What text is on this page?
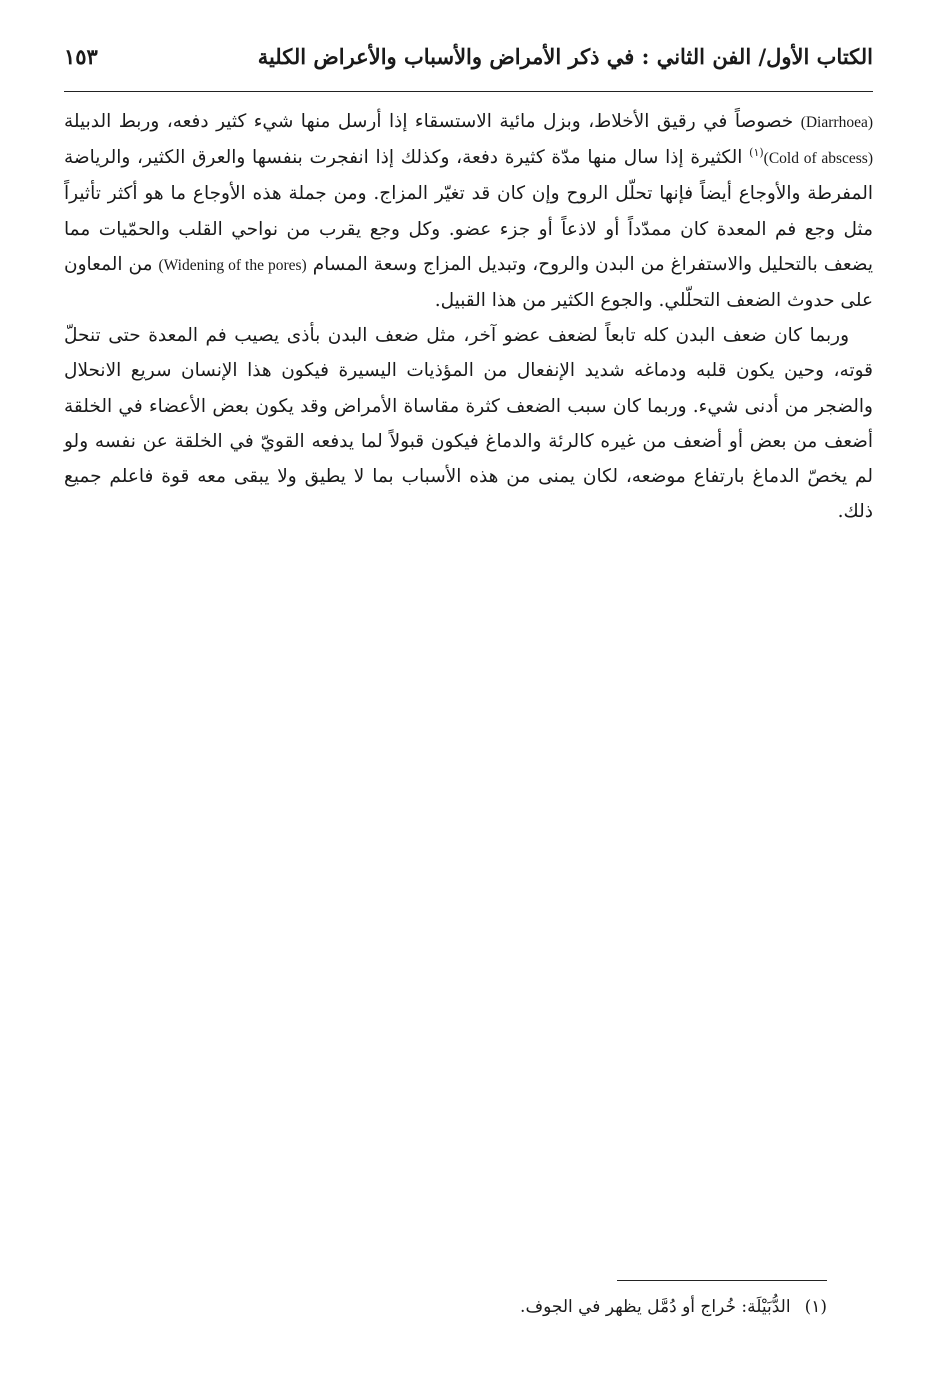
الكتاب الأول/ الفن الثاني : في ذكر الأمراض والأسباب والأعراض الكلية
١٥٣

(Diarrhoea) خصوصاً في رقيق الأخلاط، وبزل مائية الاستسقاء إذا أرسل منها شيء كثير دفعه، وربط الدبيلة (Cold of abscess)$^{(١)}$ الكثيرة إذا سال منها مدّة كثيرة دفعة، وكذلك إذا انفجرت بنفسها والعرق الكثير، والرياضة المفرطة والأوجاع أيضاً فإنها تحلّل الروح وإن كان قد تغيّر المزاج. ومن جملة هذه الأوجاع ما هو أكثر تأثيراً مثل وجع فم المعدة كان ممدّداً أو لاذعاً أو جزء عضو. وكل وجع يقرب من نواحي القلب والحمّيات مما يضعف بالتحليل والاستفراغ من البدن والروح، وتبديل المزاج وسعة المسام (Widening of the pores) من المعاون على حدوث الضعف التحلّلي. والجوع الكثير من هذا القبيل.

وربما كان ضعف البدن كله تابعاً لضعف عضو آخر، مثل ضعف البدن بأذى يصيب فم المعدة حتى تنحلّ قوته، وحين يكون قلبه ودماغه شديد الإنفعال من المؤذيات اليسيرة فيكون هذا الإنسان سريع الانحلال والضجر من أدنى شيء. وربما كان سبب الضعف كثرة مقاساة الأمراض وقد يكون بعض الأعضاء في الخلقة أضعف من بعض أو أضعف من غيره كالرئة والدماغ فيكون قبولاً لما يدفعه القويّ في الخلقة عن نفسه ولو لم يخصّ الدماغ بارتفاع موضعه، لكان يمنى من هذه الأسباب بما لا يطيق ولا يبقى معه قوة فاعلم جميع ذلك.

(١)الدُّبَيْلَة: خُراج أو دُمَّل يظهر في الجوف.
